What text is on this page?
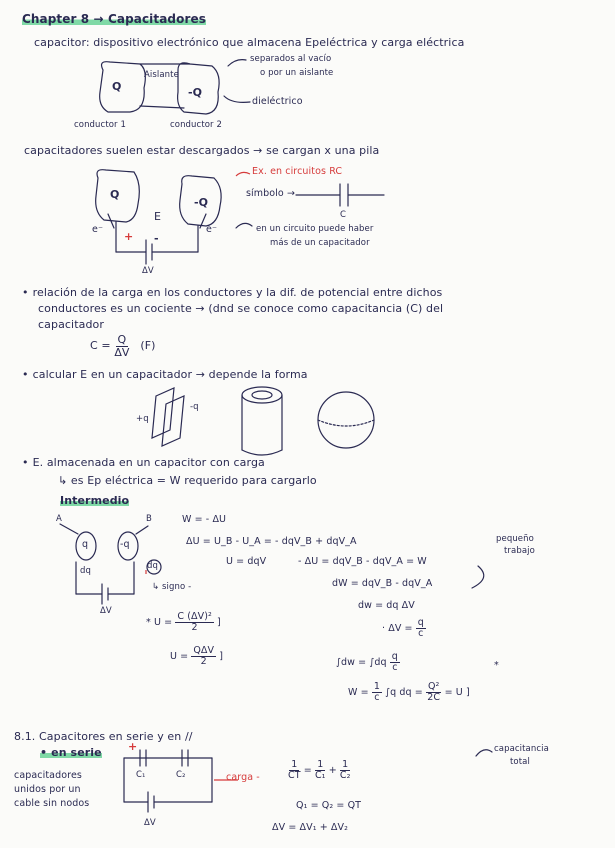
Chapter 8 → Capacitadores
capacitor: dispositivo electrónico que almacena Epeléctrica y carga eléctrica
Q
Aislante
-Q
separados al vacío
o por un aislante
dieléctrico
conductor 1	conductor 2
capacitadores suelen estar descargados → se cargan x una pila
Q
-Q
E
e⁻	e⁻
+ -
ΔV
Ex. en circuitos RC
símbolo →
C
en un circuito puede haber
más de un capacitador
• relación de la carga en los conductores y la dif. de potencial entre dichos
conductores es un cociente → (dnd se conoce como capacitancia (C) del
capacitador
$C = \frac{Q}{\Delta V} (F)$
• calcular E en un capacitador → depende la forma
+q
-q
• E. almacenada en un capacitor con carga
↳ es Ep eléctrica = W requerido para cargarlo
Intermedio
A	B
q	-q
dq	dq
↳ signo -
ΔV
W = - ΔU
ΔU = U_B - U_A = - dqV_B + dqV_A
U = dqV	- ΔU = dqV_B - dqV_A = W
pequeño
trabajo
dW = dqV_B - dqV_A
dw = dq ΔV
· $\Delta V = \frac{q}{c}$
* $U = \frac{\text{C (ΔV)²}}{2}$ ]
$U = \frac{\text{QΔV}}{2}$ ]
$\int dw = \int dq \frac{q}{c}$	*
$W = \frac{1}{c} \int q$ dq = $\frac{\text{Q²}}{2C} = U$ ]
8.1. Capacitores en serie y en //
• en serie
capacitadores
unidos por un
cable sin nodos
+
C₁	C₂
ΔV
carga -	$\frac{1}{CT} = \frac{1}{\text{C₁}} + \frac{1}{\text{C₂}}$
capacitancia
total
Q₁ = Q₂ = QT
ΔV = ΔV₁ + ΔV₂
